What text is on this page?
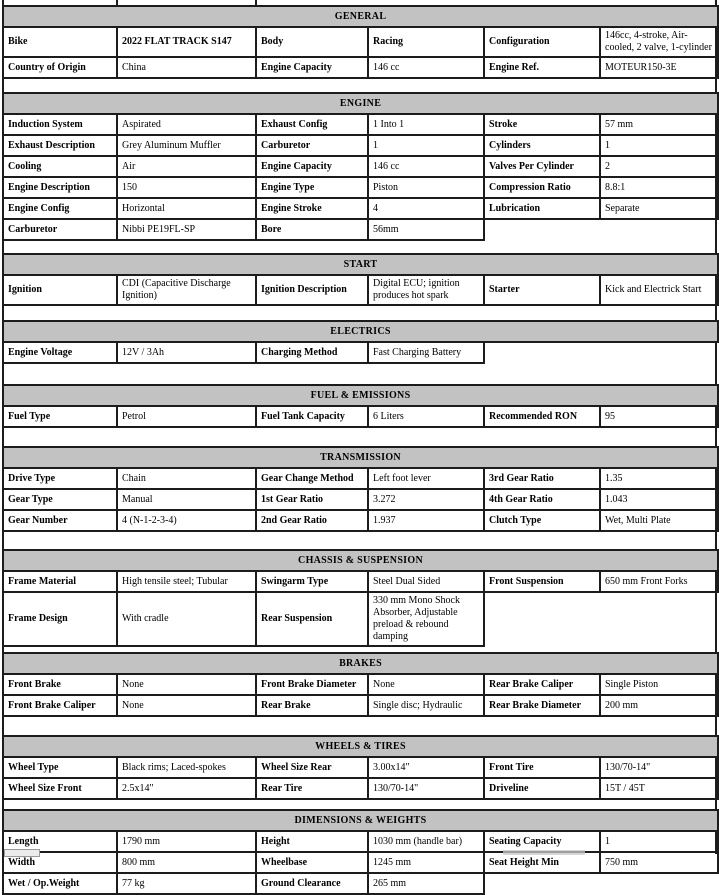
GENERAL					
Bike	2022 FLAT TRACK S147	Body	Racing	Configuration	146cc, 4-stroke, Air-cooled, 2 valve, 1-cylinder
Country of Origin	China	Engine Capacity	146 cc	Engine Ref.	MOTEUR150-3E
ENGINE					
Induction System	Aspirated	Exhaust Config	1 Into 1	Stroke	57 mm
Exhaust Description	Grey Aluminum Muffler	Carburetor	1	Cylinders	1
Cooling	Air	Engine Capacity	146 cc	Valves Per Cylinder	2
Engine Description	150	Engine Type	Piston	Compression Ratio	8.8:1
Engine Config	Horizontal	Engine Stroke	4	Lubrication	Separate
Carburetor	Nibbi PE19FL-SP	Bore	56mm		
START
Ignition	CDI (Capacitive Discharge Ignition)	Ignition Description	Digital ECU; ignition produces hot spark	Starter	Kick and Electrick Start
ELECTRICS
Engine Voltage	12V / 3Ah	Charging Method	Fast Charging Battery
FUEL & EMISSIONS
Fuel Type	Petrol	Fuel Tank Capacity	6 Liters	Recommended RON	95
TRANSMISSION					
Drive Type	Chain	Gear Change Method	Left foot lever	3rd Gear Ratio	1.35
Gear Type	Manual	1st Gear Ratio	3.272	4th Gear Ratio	1.043
Gear Number	4 (N-1-2-3-4)	2nd Gear Ratio	1.937	Clutch Type	Wet, Multi Plate
CHASSIS & SUSPENSION					
Frame Material	High tensile steel; Tubular	Swingarm Type	Steel Dual Sided	Front Suspension	650 mm Front Forks
Frame Design	With cradle	Rear Suspension	330 mm Mono Shock Absorber, Adjustable preload & rebound damping		
BRAKES					
Front Brake	None	Front Brake Diameter	None	Rear Brake Caliper	Single Piston
Front Brake Caliper	None	Rear Brake	Single disc; Hydraulic	Rear Brake Diameter	200 mm
WHEELS & TIRES					
Wheel Type	Black rims; Laced-spokes	Wheel Size Rear	3.00x14"	Front Tire	130/70-14"
Wheel Size Front	2.5x14"	Rear Tire	130/70-14"	Driveline	15T / 45T
DIMENSIONS & WEIGHTS					
Length	1790 mm	Height	1030 mm (handle bar)	Seating Capacity	1
Width	800 mm	Wheelbase	1245 mm	Seat Height Min	750 mm
Wet / Op.Weight	77 kg	Ground Clearance	265 mm		
